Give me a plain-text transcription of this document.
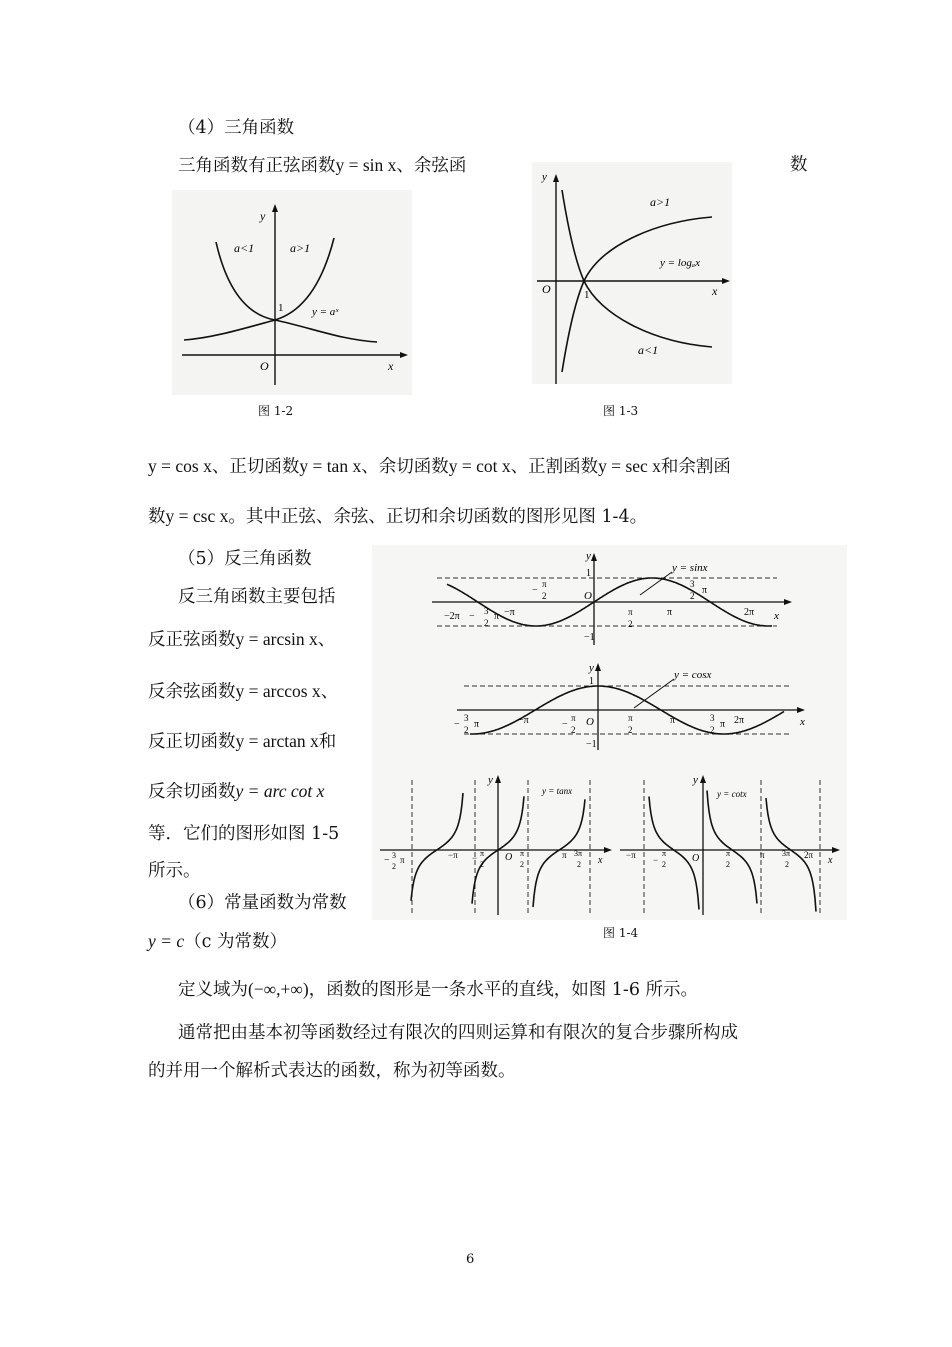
（4）三角函数
三角函数有正弦函数y = sin x、余弦函	数
y
a<1	a>1
1	y = aˣ
O	x
图 1-2
y
a>1
y = logₐx
O	1	x
a<1
图 1-3
y = cos x、正切函数y = tan x、余切函数y = cot x、正割函数y = sec x和余割函
数y = csc x。其中正弦、余弦、正切和余切函数的图形见图 1-4。
（5）反三角函数
反三角函数主要包括
反正弦函数y = arcsin x、
反余弦函数y = arccos x、
反正切函数y = arctan x和
反余切函数y = arc cot x
等．它们的图形如图 1-5
所示。
（6）常量函数为常数
y = c（c 为常数）
y = sinx
y
1
−1
O
x
−2π − 3
2
π −π
−
π
2
π
2
π	2π
3
2 π
y = cosx
y
1
−1
O	x
−
3
2 π	−π	−
π
2
π
2
π	3
2 π 2π
y
y = tanx
O	x
− 3
2
π	−π − π
2
π
2
π 3π
2
y
y = cotx
O	x
−π −
π
2
π
2
π 3π
2
2π
图 1-4
定义域为(−∞,+∞)，函数的图形是一条水平的直线，如图 1-6 所示。
通常把由基本初等函数经过有限次的四则运算和有限次的复合步骤所构成
的并用一个解析式表达的函数，称为初等函数。
6
